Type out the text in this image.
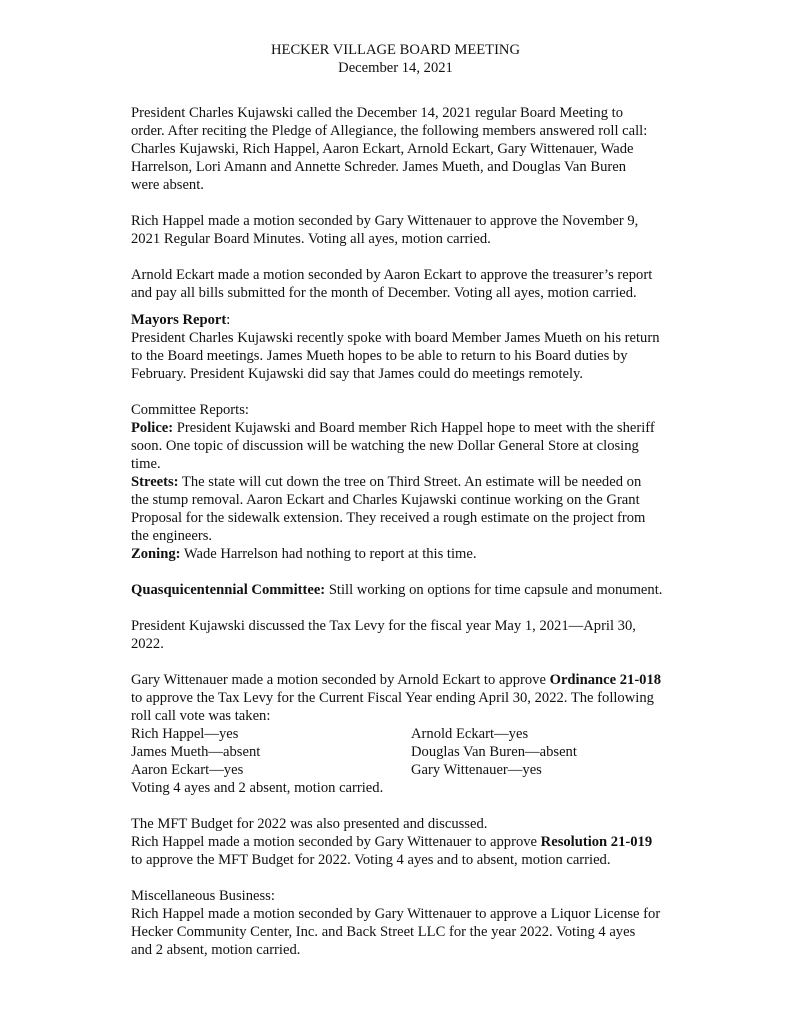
HECKER VILLAGE BOARD MEETING
December 14, 2021
President Charles Kujawski called the December 14, 2021 regular Board Meeting to
order. After reciting the Pledge of Allegiance, the following members answered roll call:
Charles Kujawski, Rich Happel, Aaron Eckart, Arnold Eckart, Gary Wittenauer, Wade
Harrelson, Lori Amann and Annette Schreder. James Mueth, and Douglas Van Buren
were absent.
Rich Happel made a motion seconded by Gary Wittenauer to approve the November 9,
2021 Regular Board Minutes. Voting all ayes, motion carried.
Arnold Eckart made a motion seconded by Aaron Eckart to approve the treasurer’s report
and pay all bills submitted for the month of December. Voting all ayes, motion carried.
Mayors Report:
President Charles Kujawski recently spoke with board Member James Mueth on his return
to the Board meetings. James Mueth hopes to be able to return to his Board duties by
February. President Kujawski did say that James could do meetings remotely.
Committee Reports:
Police: President Kujawski and Board member Rich Happel hope to meet with the sheriff
soon. One topic of discussion will be watching the new Dollar General Store at closing
time.
Streets: The state will cut down the tree on Third Street. An estimate will be needed on
the stump removal. Aaron Eckart and Charles Kujawski continue working on the Grant
Proposal for the sidewalk extension. They received a rough estimate on the project from
the engineers.
Zoning: Wade Harrelson had nothing to report at this time.
Quasquicentennial Committee: Still working on options for time capsule and monument.
President Kujawski discussed the Tax Levy for the fiscal year May 1, 2021—April 30,
2022.
Gary Wittenauer made a motion seconded by Arnold Eckart to approve Ordinance 21-018
to approve the Tax Levy for the Current Fiscal Year ending April 30, 2022. The following
roll call vote was taken:
Rich Happel—yes	Arnold Eckart—yes
James Mueth—absent	Douglas Van Buren—absent
Aaron Eckart—yes	Gary Wittenauer—yes
Voting 4 ayes and 2 absent, motion carried.
The MFT Budget for 2022 was also presented and discussed.
Rich Happel made a motion seconded by Gary Wittenauer to approve Resolution 21-019
to approve the MFT Budget for 2022. Voting 4 ayes and to absent, motion carried.
Miscellaneous Business:
Rich Happel made a motion seconded by Gary Wittenauer to approve a Liquor License for
Hecker Community Center, Inc. and Back Street LLC for the year 2022. Voting 4 ayes
and 2 absent, motion carried.
